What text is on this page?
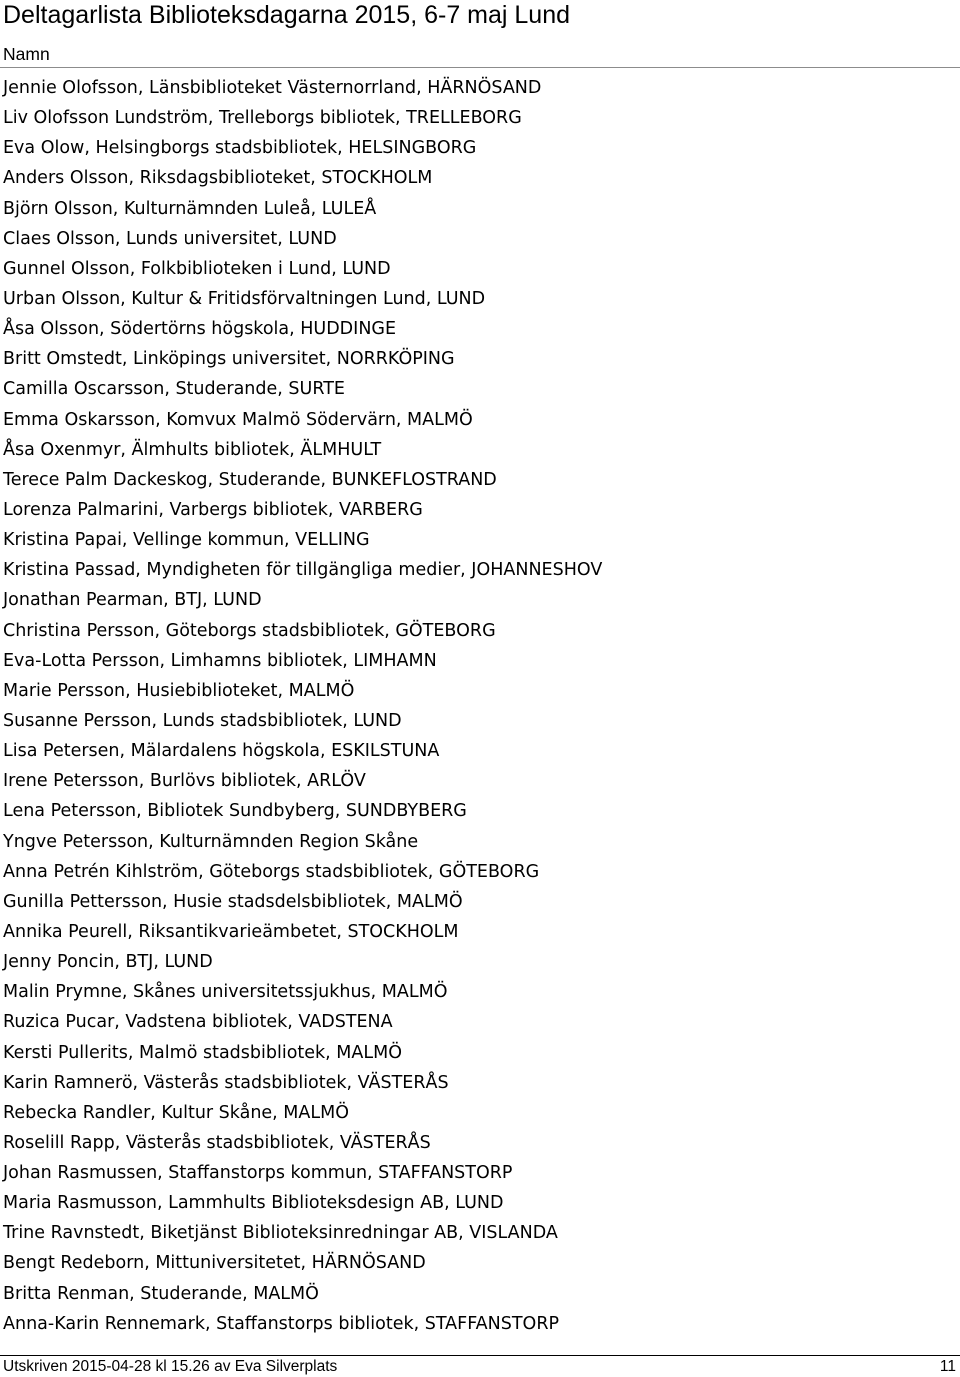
Deltagarlista Biblioteksdagarna 2015, 6-7 maj Lund
Namn
Jennie Olofsson, Länsbiblioteket Västernorrland, HÄRNÖSAND
Liv Olofsson Lundström, Trelleborgs bibliotek, TRELLEBORG
Eva Olow, Helsingborgs stadsbibliotek, HELSINGBORG
Anders Olsson, Riksdagsbiblioteket, STOCKHOLM
Björn Olsson, Kulturnämnden Luleå, LULEÅ
Claes Olsson, Lunds universitet, LUND
Gunnel Olsson, Folkbiblioteken i Lund, LUND
Urban Olsson, Kultur & Fritidsförvaltningen Lund, LUND
Åsa Olsson, Södertörns högskola, HUDDINGE
Britt Omstedt, Linköpings universitet, NORRKÖPING
Camilla Oscarsson, Studerande, SURTE
Emma Oskarsson, Komvux Malmö Södervärn, MALMÖ
Åsa Oxenmyr, Älmhults bibliotek, ÄLMHULT
Terece Palm Dackeskog, Studerande, BUNKEFLOSTRAND
Lorenza Palmarini, Varbergs bibliotek, VARBERG
Kristina Papai, Vellinge kommun, VELLING
Kristina Passad, Myndigheten för tillgängliga medier, JOHANNESHOV
Jonathan Pearman, BTJ, LUND
Christina Persson, Göteborgs stadsbibliotek, GÖTEBORG
Eva-Lotta Persson, Limhamns bibliotek, LIMHAMN
Marie Persson, Husiebiblioteket, MALMÖ
Susanne Persson, Lunds stadsbibliotek, LUND
Lisa Petersen, Mälardalens högskola, ESKILSTUNA
Irene Petersson, Burlövs bibliotek, ARLÖV
Lena Petersson, Bibliotek Sundbyberg, SUNDBYBERG
Yngve Petersson, Kulturnämnden Region Skåne
Anna Petrén Kihlström, Göteborgs stadsbibliotek, GÖTEBORG
Gunilla Pettersson, Husie stadsdelsbibliotek, MALMÖ
Annika Peurell, Riksantikvarieämbetet, STOCKHOLM
Jenny Poncin, BTJ, LUND
Malin Prymne, Skånes universitetssjukhus, MALMÖ
Ruzica Pucar, Vadstena bibliotek, VADSTENA
Kersti Pullerits, Malmö stadsbibliotek, MALMÖ
Karin Ramnerö, Västerås stadsbibliotek, VÄSTERÅS
Rebecka Randler, Kultur Skåne, MALMÖ
Roselill Rapp, Västerås stadsbibliotek, VÄSTERÅS
Johan Rasmussen, Staffanstorps kommun, STAFFANSTORP
Maria Rasmusson, Lammhults Biblioteksdesign AB, LUND
Trine Ravnstedt, Biketjänst Biblioteksinredningar AB, VISLANDA
Bengt Redeborn, Mittuniversitetet, HÄRNÖSAND
Britta Renman, Studerande, MALMÖ
Anna-Karin Rennemark, Staffanstorps bibliotek, STAFFANSTORP
Utskriven 2015-04-28 kl 15.26 av Eva Silverplats	11
